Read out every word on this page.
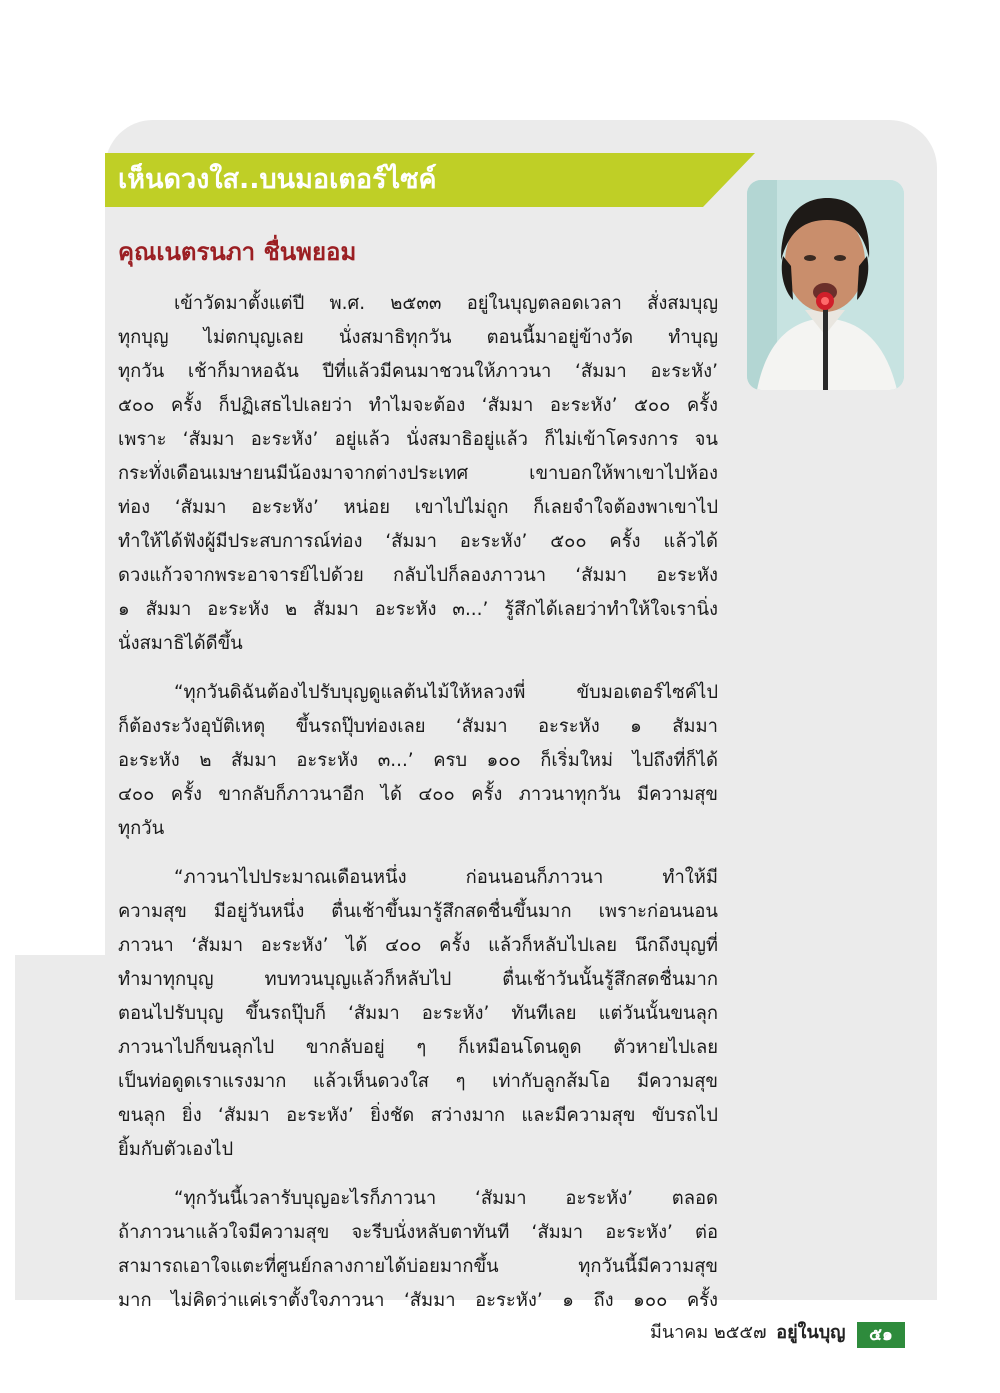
เห็นดวงใส..บนมอเตอร์ไซค์
คุณเนตรนภา ชื่นพยอม
เข้าวัดมาตั้งแต่ปี พ.ศ. ๒๕๓๓ อยู่ในบุญตลอดเวลา สั่งสมบุญ
ทุกบุญ ไม่ตกบุญเลย นั่งสมาธิทุกวัน ตอนนี้มาอยู่ข้างวัด ทำบุญ
ทุกวัน เช้าก็มาหอฉัน ปีที่แล้วมีคนมาชวนให้ภาวนา ‘สัมมา อะระหัง’
๕๐๐ ครั้ง ก็ปฏิเสธไปเลยว่า ทำไมจะต้อง ‘สัมมา อะระหัง’ ๕๐๐ ครั้ง
เพราะ ‘สัมมา อะระหัง’ อยู่แล้ว นั่งสมาธิอยู่แล้ว ก็ไม่เข้าโครงการ จน
กระทั่งเดือนเมษายนมีน้องมาจากต่างประเทศ เขาบอกให้พาเขาไปห้อง
ท่อง ‘สัมมา อะระหัง’ หน่อย เขาไปไม่ถูก ก็เลยจำใจต้องพาเขาไป
ทำให้ได้ฟังผู้มีประสบการณ์ท่อง ‘สัมมา อะระหัง’ ๕๐๐ ครั้ง แล้วได้
ดวงแก้วจากพระอาจารย์ไปด้วย กลับไปก็ลองภาวนา ‘สัมมา อะระหัง
๑ สัมมา อะระหัง ๒ สัมมา อะระหัง ๓...’ รู้สึกได้เลยว่าทำให้ใจเรานิ่ง
นั่งสมาธิได้ดีขึ้น
“ทุกวันดิฉันต้องไปรับบุญดูแลต้นไม้ให้หลวงพี่ ขับมอเตอร์ไซค์ไป
ก็ต้องระวังอุบัติเหตุ ขึ้นรถปุ๊บท่องเลย ‘สัมมา อะระหัง ๑ สัมมา
อะระหัง ๒ สัมมา อะระหัง ๓...’ ครบ ๑๐๐ ก็เริ่มใหม่ ไปถึงที่ก็ได้
๔๐๐ ครั้ง ขากลับก็ภาวนาอีก ได้ ๔๐๐ ครั้ง ภาวนาทุกวัน มีความสุข
ทุกวัน
“ภาวนาไปประมาณเดือนหนึ่ง ก่อนนอนก็ภาวนา ทำให้มี
ความสุข มีอยู่วันหนึ่ง ตื่นเช้าขึ้นมารู้สึกสดชื่นขึ้นมาก เพราะก่อนนอน
ภาวนา ‘สัมมา อะระหัง’ ได้ ๔๐๐ ครั้ง แล้วก็หลับไปเลย นึกถึงบุญที่
ทำมาทุกบุญ ทบทวนบุญแล้วก็หลับไป ตื่นเช้าวันนั้นรู้สึกสดชื่นมาก
ตอนไปรับบุญ ขึ้นรถปุ๊บก็ ‘สัมมา อะระหัง’ ทันทีเลย แต่วันนั้นขนลุก
ภาวนาไปก็ขนลุกไป ขากลับอยู่ ๆ ก็เหมือนโดนดูด ตัวหายไปเลย
เป็นท่อดูดเราแรงมาก แล้วเห็นดวงใส ๆ เท่ากับลูกส้มโอ มีความสุข
ขนลุก ยิ่ง ‘สัมมา อะระหัง’ ยิ่งชัด สว่างมาก และมีความสุข ขับรถไป
ยิ้มกับตัวเองไป
“ทุกวันนี้เวลารับบุญอะไรก็ภาวนา ‘สัมมา อะระหัง’ ตลอด
ถ้าภาวนาแล้วใจมีความสุข จะรีบนั่งหลับตาทันที ‘สัมมา อะระหัง’ ต่อ
สามารถเอาใจแตะที่ศูนย์กลางกายได้บ่อยมากขึ้น ทุกวันนี้มีความสุข
มาก ไม่คิดว่าแค่เราตั้งใจภาวนา ‘สัมมา อะระหัง’ ๑ ถึง ๑๐๐ ครั้ง
มีนาคม ๒๕๕๗ อยู่ในบุญ	๕๑
